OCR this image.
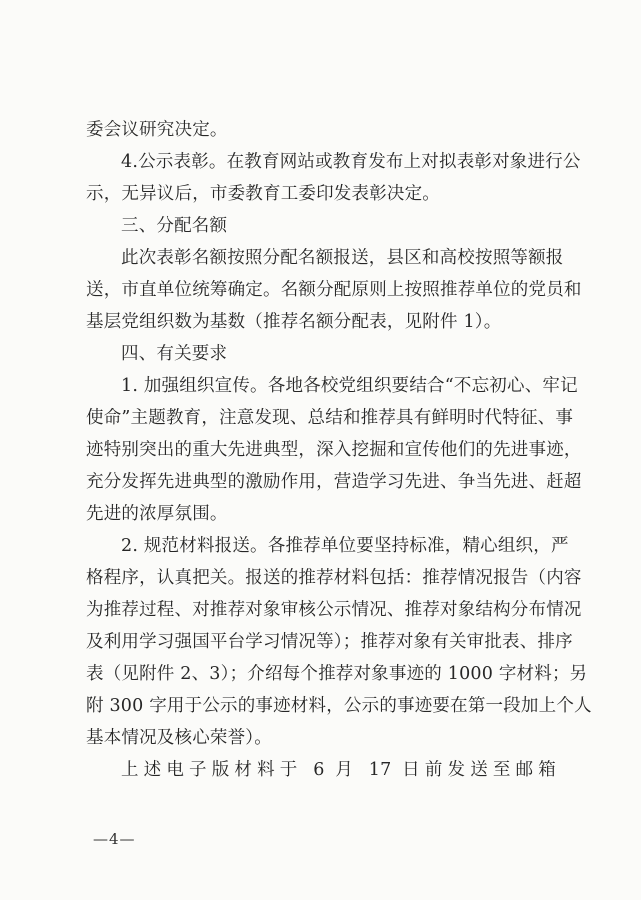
委会议研究决定。
4.公示表彰。在教育网站或教育发布上对拟表彰对象进行公
示，无异议后，市委教育工委印发表彰决定。
三、分配名额
此次表彰名额按照分配名额报送，县区和高校按照等额报
送，市直单位统筹确定。名额分配原则上按照推荐单位的党员和
基层党组织数为基数（推荐名额分配表，见附件 1）。
四、有关要求
1. 加强组织宣传。各地各校党组织要结合“不忘初心、牢记
使命”主题教育，注意发现、总结和推荐具有鲜明时代特征、事
迹特别突出的重大先进典型，深入挖掘和宣传他们的先进事迹，
充分发挥先进典型的激励作用，营造学习先进、争当先进、赶超
先进的浓厚氛围。
2. 规范材料报送。各推荐单位要坚持标准，精心组织，严
格程序，认真把关。报送的推荐材料包括：推荐情况报告（内容
为推荐过程、对推荐对象审核公示情况、推荐对象结构分布情况
及利用学习强国平台学习情况等）；推荐对象有关审批表、排序
表（见附件 2、3）；介绍每个推荐对象事迹的 1000 字材料；另
附 300 字用于公示的事迹材料，公示的事迹要在第一段加上个人
基本情况及核心荣誉）。
上述电子版材料于 6 月 17 日前发送至邮箱
—4—
